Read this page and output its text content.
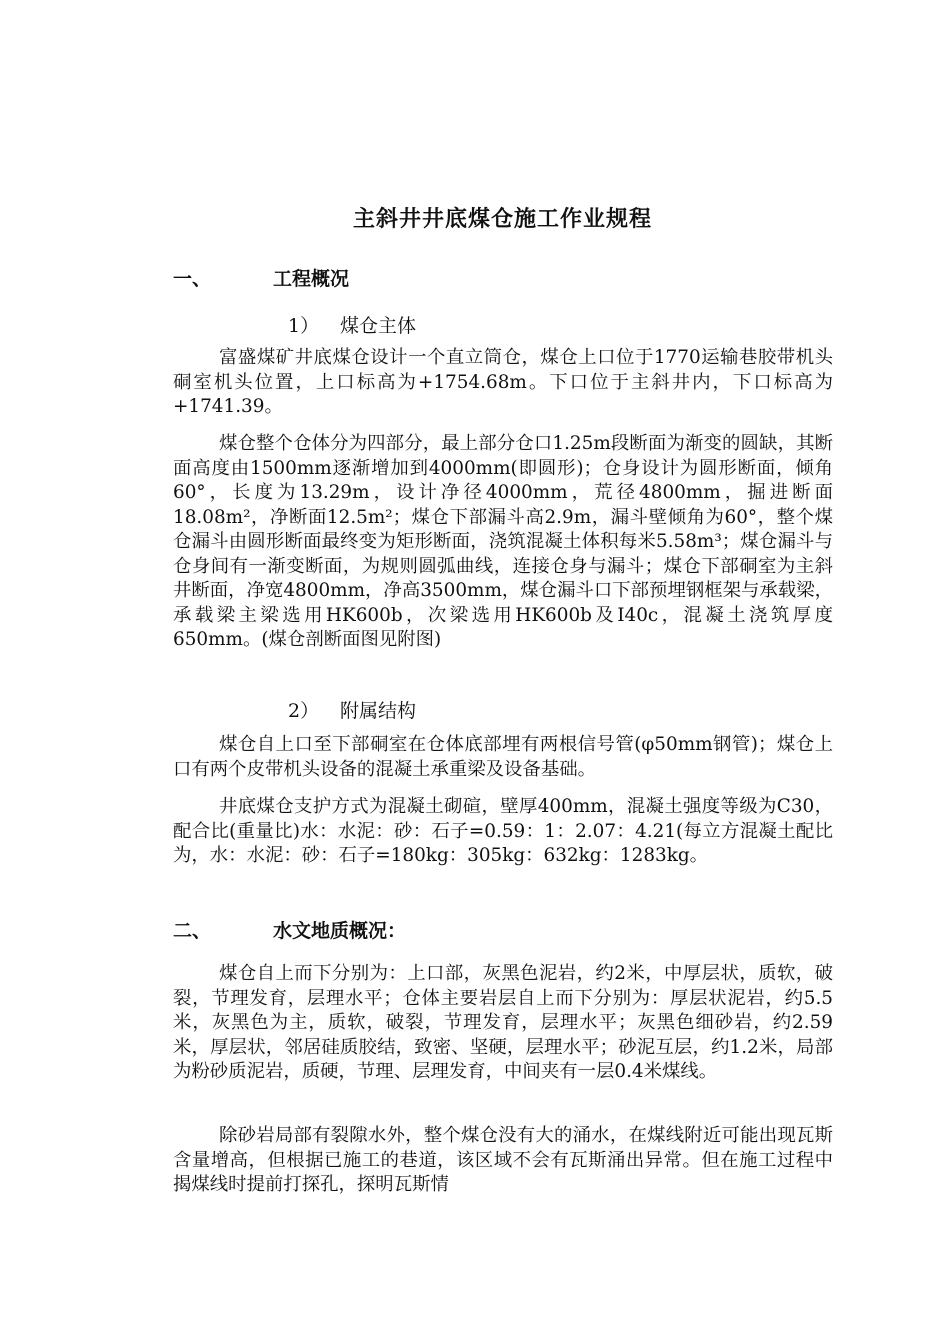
主斜井井底煤仓施工作业规程
一、	工程概况
1） 煤仓主体

富盛煤矿井底煤仓设计一个直立筒仓，煤仓上口位于1770运输巷胶带机头硐室机头位置，上口标高为+1754.68m。下口位于主斜井内，下口标高为+1741.39。

煤仓整个仓体分为四部分，最上部分仓口1.25m段断面为渐变的圆缺，其断面高度由1500mm逐渐增加到4000mm(即圆形)；仓身设计为圆形断面，倾角60°，长度为13.29m，设计净径4000mm，荒径4800mm，掘进断面18.08m²，净断面12.5m²；煤仓下部漏斗高2.9m，漏斗壁倾角为60°，整个煤仓漏斗由圆形断面最终变为矩形断面，浇筑混凝土体积每米5.58m³；煤仓漏斗与仓身间有一渐变断面，为规则圆弧曲线，连接仓身与漏斗；煤仓下部硐室为主斜井断面，净宽4800mm，净高3500mm，煤仓漏斗口下部预埋钢框架与承载梁，承载梁主梁选用HK600b，次梁选用HK600b及I40c，混凝土浇筑厚度650mm。(煤仓剖断面图见附图)

2） 附属结构

煤仓自上口至下部硐室在仓体底部埋有两根信号管(φ50mm钢管)；煤仓上口有两个皮带机头设备的混凝土承重梁及设备基础。

井底煤仓支护方式为混凝土砌碹，壁厚400mm，混凝土强度等级为C30，配合比(重量比)水：水泥：砂：石子=0.59：1：2.07：4.21(每立方混凝土配比为，水：水泥：砂：石子=180kg：305kg：632kg：1283kg。

二、	水文地质概况：

煤仓自上而下分别为：上口部，灰黑色泥岩，约2米，中厚层状，质软，破裂，节理发育，层理水平；仓体主要岩层自上而下分别为：厚层状泥岩，约5.5米，灰黑色为主，质软，破裂，节理发育，层理水平；灰黑色细砂岩，约2.59米，厚层状，邻居硅质胶结，致密、坚硬，层理水平；砂泥互层，约1.2米，局部为粉砂质泥岩，质硬，节理、层理发育，中间夹有一层0.4米煤线。

除砂岩局部有裂隙水外，整个煤仓没有大的涌水，在煤线附近可能出现瓦斯含量增高，但根据已施工的巷道，该区域不会有瓦斯涌出异常。但在施工过程中揭煤线时提前打探孔，探明瓦斯情
